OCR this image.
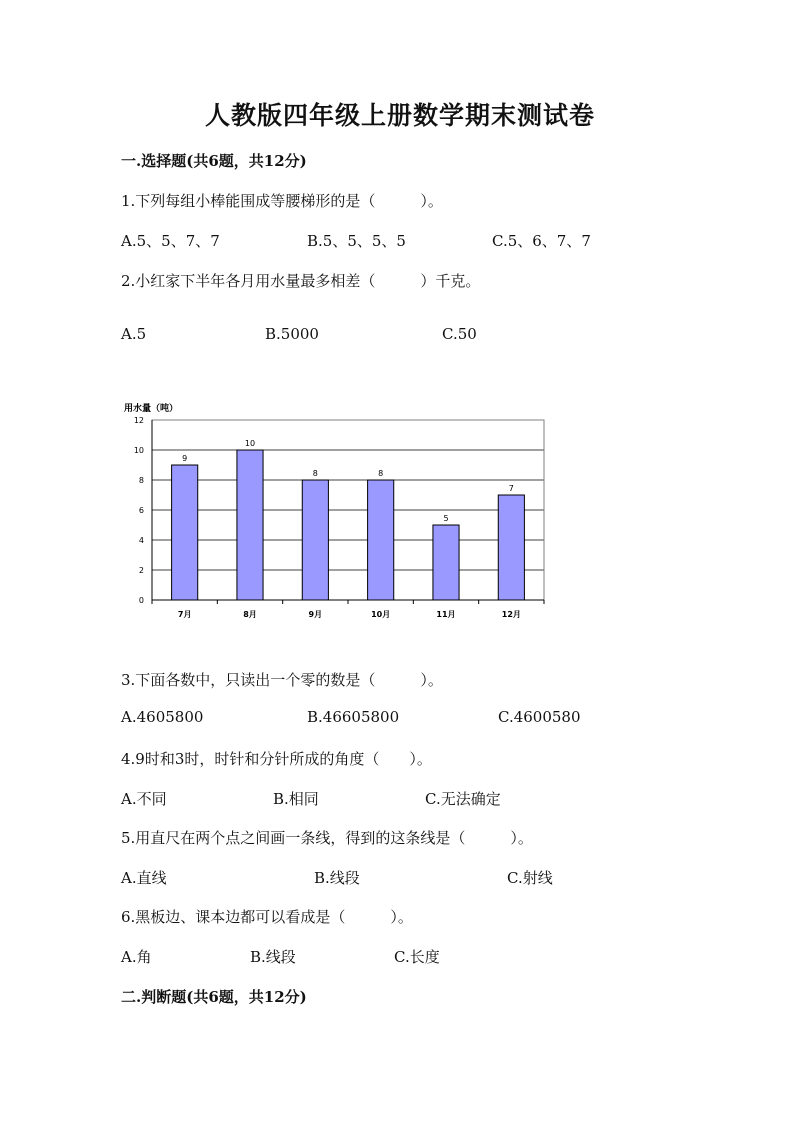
人教版四年级上册数学期末测试卷
一.选择题(共6题，共12分)
1.下列每组小棒能围成等腰梯形的是（　　　）。
A.5、5、7、7	B.5、5、5、5	C.5、6、7、7
2.小红家下半年各月用水量最多相差（　　　）千克。
A.5	B.5000	C.50
用水量（吨）
0
2
4
6
8
10
12
9
7月
10
8月
8
9月
8
10月
5
11月
7
12月
3.下面各数中，只读出一个零的数是（　　　）。
A.4605800	B.46605800	C.4600580
4.9时和3时，时针和分针所成的角度（　　）。
A.不同	B.相同	C.无法确定
5.用直尺在两个点之间画一条线，得到的这条线是（　　　）。
A.直线	B.线段	C.射线
6.黑板边、课本边都可以看成是（　　　）。
A.角	B.线段	C.长度
二.判断题(共6题，共12分)
